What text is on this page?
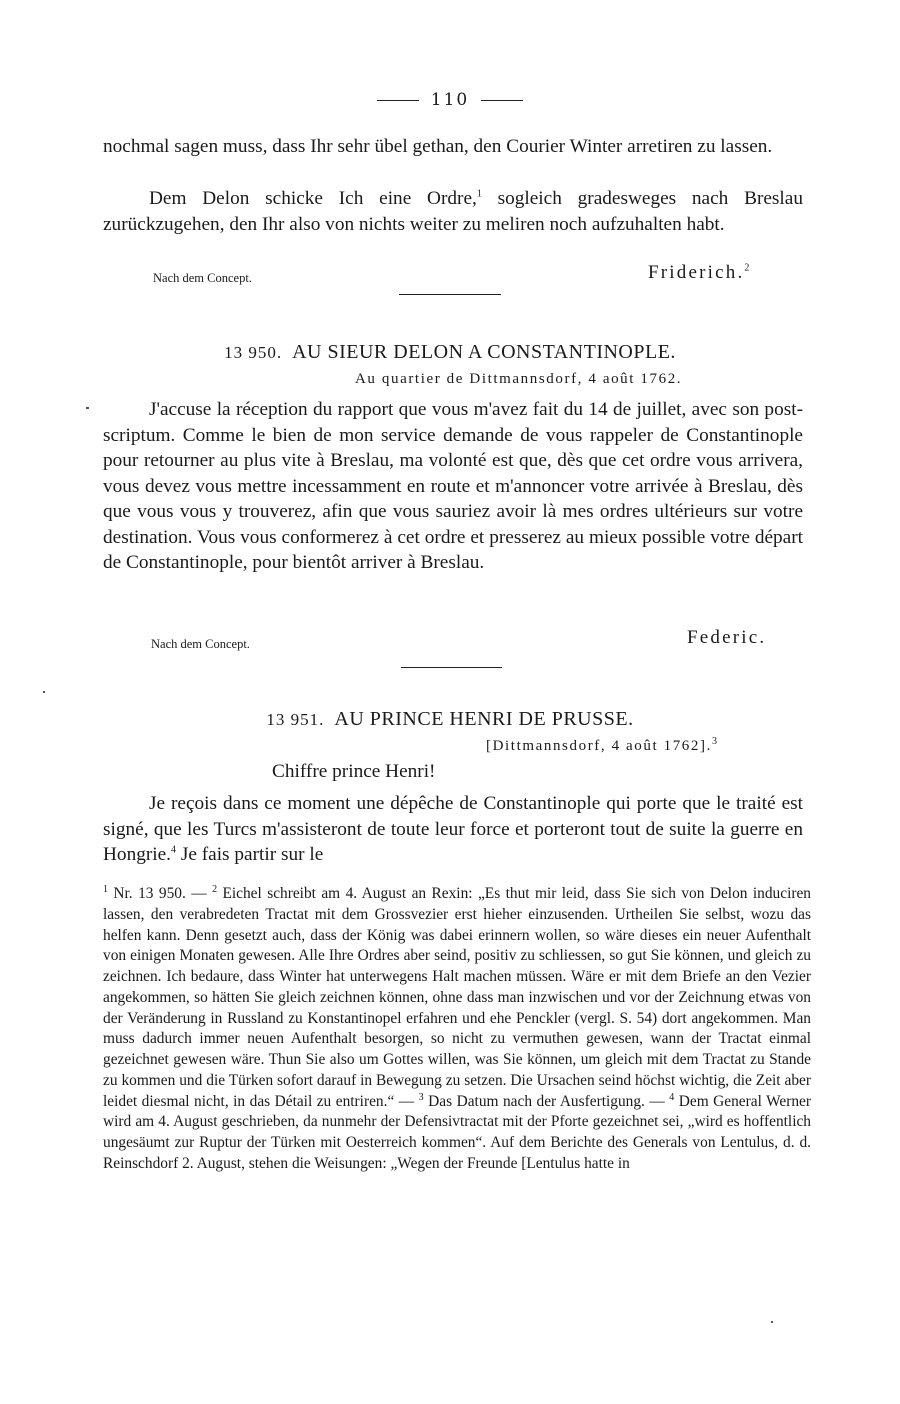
110

nochmal sagen muss, dass Ihr sehr übel gethan, den Courier Winter arretiren zu lassen.

Dem Delon schicke Ich eine Ordre,$^1$ sogleich gradesweges nach Breslau zurückzugehen, den Ihr also von nichts weiter zu meliren noch aufzuhalten habt.

Nach dem Concept.	Friderich.$^2$
13 950. AU SIEUR DELON A CONSTANTINOPLE.
Au quartier de Dittmannsdorf, 4 août 1762.

J'accuse la réception du rapport que vous m'avez fait du 14 de juillet, avec son post-scriptum. Comme le bien de mon service demande de vous rappeler de Constantinople pour retourner au plus vite à Breslau, ma volonté est que, dès que cet ordre vous arrivera, vous devez vous mettre incessamment en route et m'annoncer votre arrivée à Breslau, dès que vous vous y trouverez, afin que vous sauriez avoir là mes ordres ultérieurs sur votre destination. Vous vous conformerez à cet ordre et presserez au mieux possible votre départ de Constantinople, pour bientôt arriver à Breslau.

Nach dem Concept.	Federic.
13 951. AU PRINCE HENRI DE PRUSSE.
[Dittmannsdorf, 4 août 1762].$^3$
Chiffre prince Henri!

Je reçois dans ce moment une dépêche de Constantinople qui porte que le traité est signé, que les Turcs m'assisteront de toute leur force et porteront tout de suite la guerre en Hongrie.$^4$ Je fais partir sur le

$^1$ Nr. 13 950. — $^2$ Eichel schreibt am 4. August an Rexin: „Es thut mir leid, dass Sie sich von Delon induciren lassen, den verabredeten Tractat mit dem Grossvezier erst hieher einzusenden. Urtheilen Sie selbst, wozu das helfen kann. Denn gesetzt auch, dass der König was dabei erinnern wollen, so wäre dieses ein neuer Aufenthalt von einigen Monaten gewesen. Alle Ihre Ordres aber seind, positiv zu schliessen, so gut Sie können, und gleich zu zeichnen. Ich bedaure, dass Winter hat unterwegens Halt machen müssen. Wäre er mit dem Briefe an den Vezier angekommen, so hätten Sie gleich zeichnen können, ohne dass man inzwischen und vor der Zeichnung etwas von der Veränderung in Russland zu Konstantinopel erfahren und ehe Penckler (vergl. S. 54) dort angekommen. Man muss dadurch immer neuen Aufenthalt besorgen, so nicht zu vermuthen gewesen, wann der Tractat einmal gezeichnet gewesen wäre. Thun Sie also um Gottes willen, was Sie können, um gleich mit dem Tractat zu Stande zu kommen und die Türken sofort darauf in Bewegung zu setzen. Die Ursachen seind höchst wichtig, die Zeit aber leidet diesmal nicht, in das Détail zu entriren.“ — $^3$ Das Datum nach der Ausfertigung. — $^4$ Dem General Werner wird am 4. August geschrieben, da nunmehr der Defensivtractat mit der Pforte gezeichnet sei, „wird es hoffentlich ungesäumt zur Ruptur der Türken mit Oesterreich kommen“. Auf dem Berichte des Generals von Lentulus, d. d. Reinschdorf 2. August, stehen die Weisungen: „Wegen der Freunde [Lentulus hatte in
